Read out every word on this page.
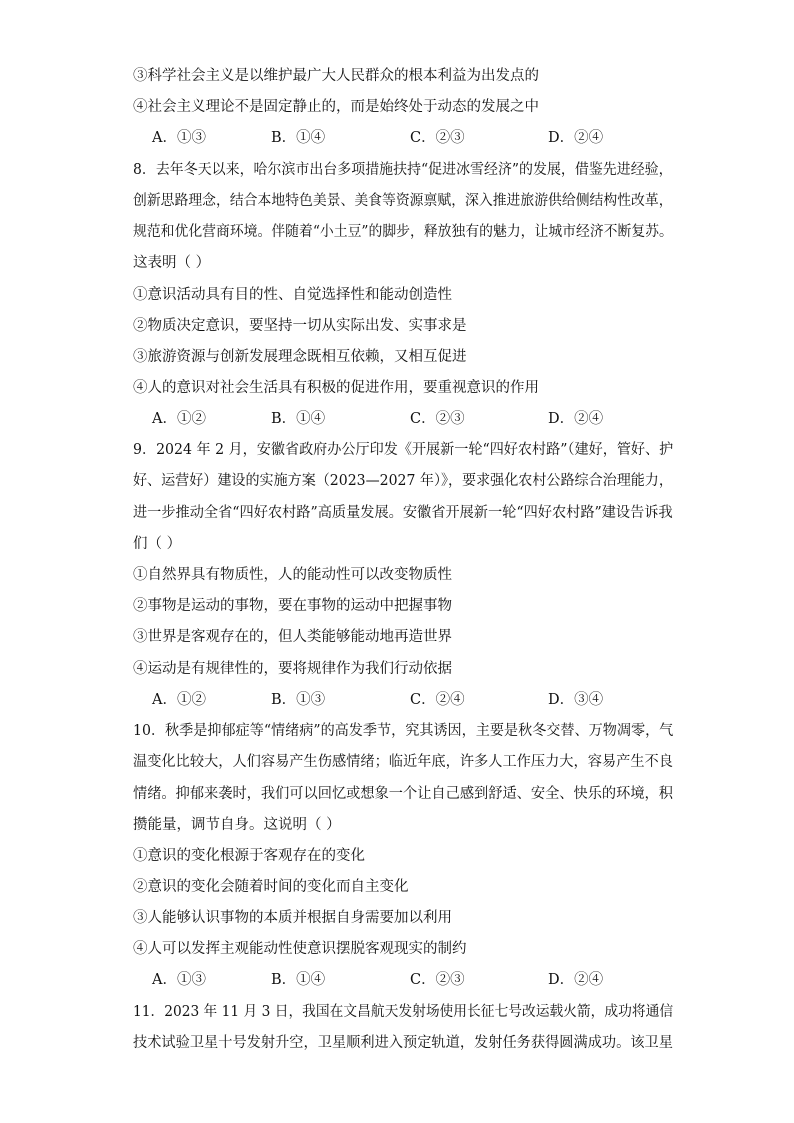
③科学社会主义是以维护最广大人民群众的根本利益为出发点的
④社会主义理论不是固定静止的，而是始终处于动态的发展之中
A．①③	B．①④	C．②③	D．②④
8．去年冬天以来，哈尔滨市出台多项措施扶持“促进冰雪经济”的发展，借鉴先进经验，
创新思路理念，结合本地特色美景、美食等资源禀赋，深入推进旅游供给侧结构性改革，
规范和优化营商环境。伴随着“小土豆”的脚步，释放独有的魅力，让城市经济不断复苏。
这表明（ ）
①意识活动具有目的性、自觉选择性和能动创造性
②物质决定意识，要坚持一切从实际出发、实事求是
③旅游资源与创新发展理念既相互依赖，又相互促进
④人的意识对社会生活具有积极的促进作用，要重视意识的作用
A．①②	B．①④	C．②③	D．②④
9．2024 年 2 月，安徽省政府办公厅印发《开展新一轮“四好农村路”（建好，管好、护
好、运营好）建设的实施方案（2023—2027 年）》，要求强化农村公路综合治理能力，
进一步推动全省“四好农村路”高质量发展。安徽省开展新一轮“四好农村路”建设告诉我
们（ ）
①自然界具有物质性，人的能动性可以改变物质性
②事物是运动的事物，要在事物的运动中把握事物
③世界是客观存在的，但人类能够能动地再造世界
④运动是有规律性的，要将规律作为我们行动依据
A．①②	B．①③	C．②④	D．③④
10．秋季是抑郁症等“情绪病”的高发季节，究其诱因，主要是秋冬交替、万物凋零，气
温变化比较大，人们容易产生伤感情绪；临近年底，许多人工作压力大，容易产生不良
情绪。抑郁来袭时，我们可以回忆或想象一个让自己感到舒适、安全、快乐的环境，积
攒能量，调节自身。这说明（ ）
①意识的变化根源于客观存在的变化
②意识的变化会随着时间的变化而自主变化
③人能够认识事物的本质并根据自身需要加以利用
④人可以发挥主观能动性使意识摆脱客观现实的制约
A．①③	B．①④	C．②③	D．②④
11．2023 年 11 月 3 日，我国在文昌航天发射场使用长征七号改运载火箭，成功将通信
技术试验卫星十号发射升空，卫星顺利进入预定轨道，发射任务获得圆满成功。该卫星
